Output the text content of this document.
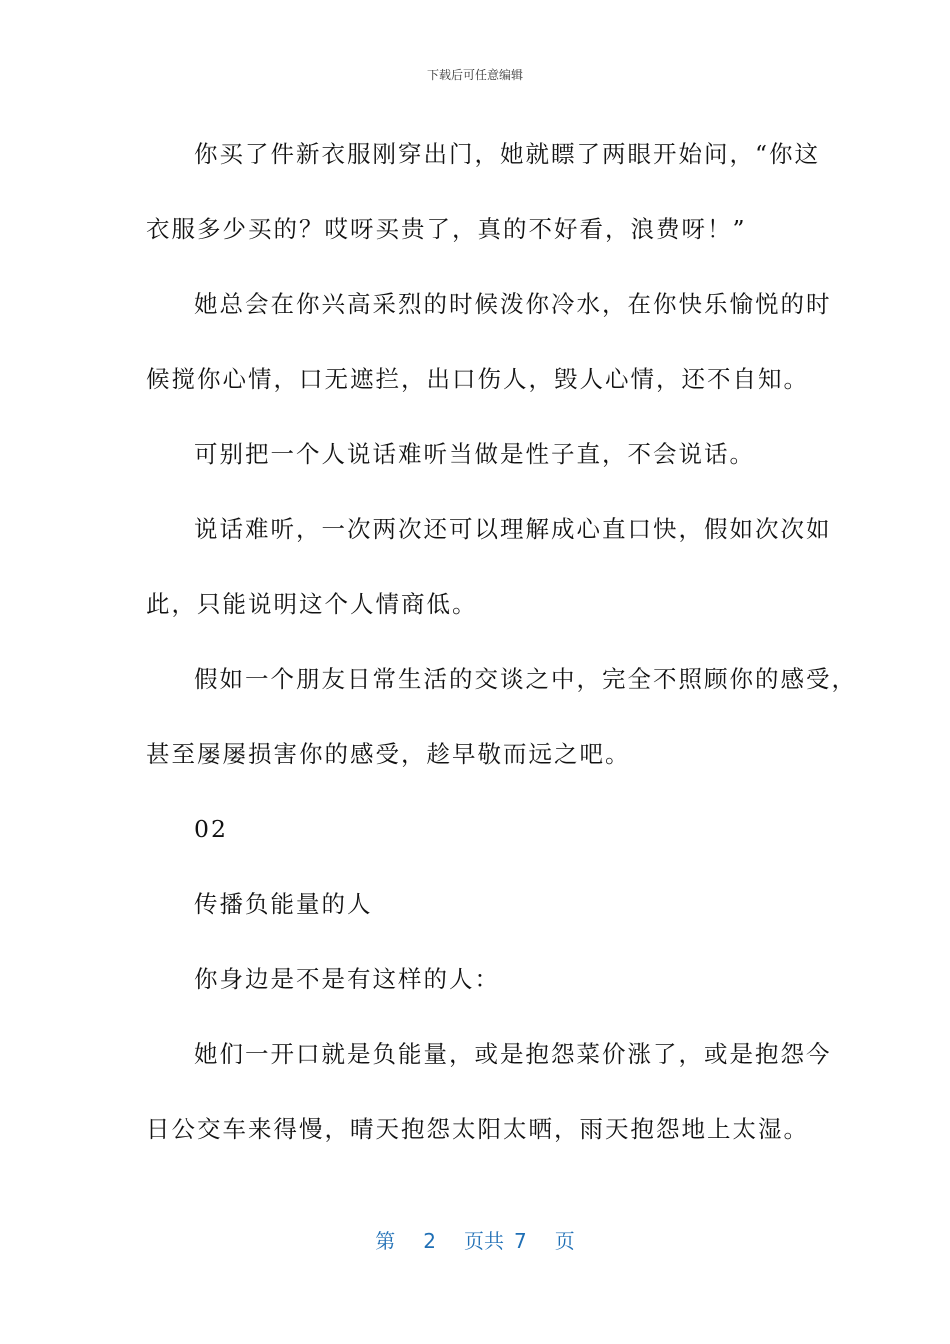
下载后可任意编辑

你买了件新衣服刚穿出门，她就瞟了两眼开始问，“你这
衣服多少买的？哎呀买贵了，真的不好看，浪费呀！”

她总会在你兴高采烈的时候泼你冷水，在你快乐愉悦的时
候搅你心情，口无遮拦，出口伤人，毁人心情，还不自知。

可别把一个人说话难听当做是性子直，不会说话。

说话难听，一次两次还可以理解成心直口快，假如次次如
此，只能说明这个人情商低。

假如一个朋友日常生活的交谈之中，完全不照顾你的感受，
甚至屡屡损害你的感受，趁早敬而远之吧。

02

传播负能量的人

你身边是不是有这样的人：

她们一开口就是负能量，或是抱怨菜价涨了，或是抱怨今
日公交车来得慢，晴天抱怨太阳太晒，雨天抱怨地上太湿。

第 2 页共 7 页
